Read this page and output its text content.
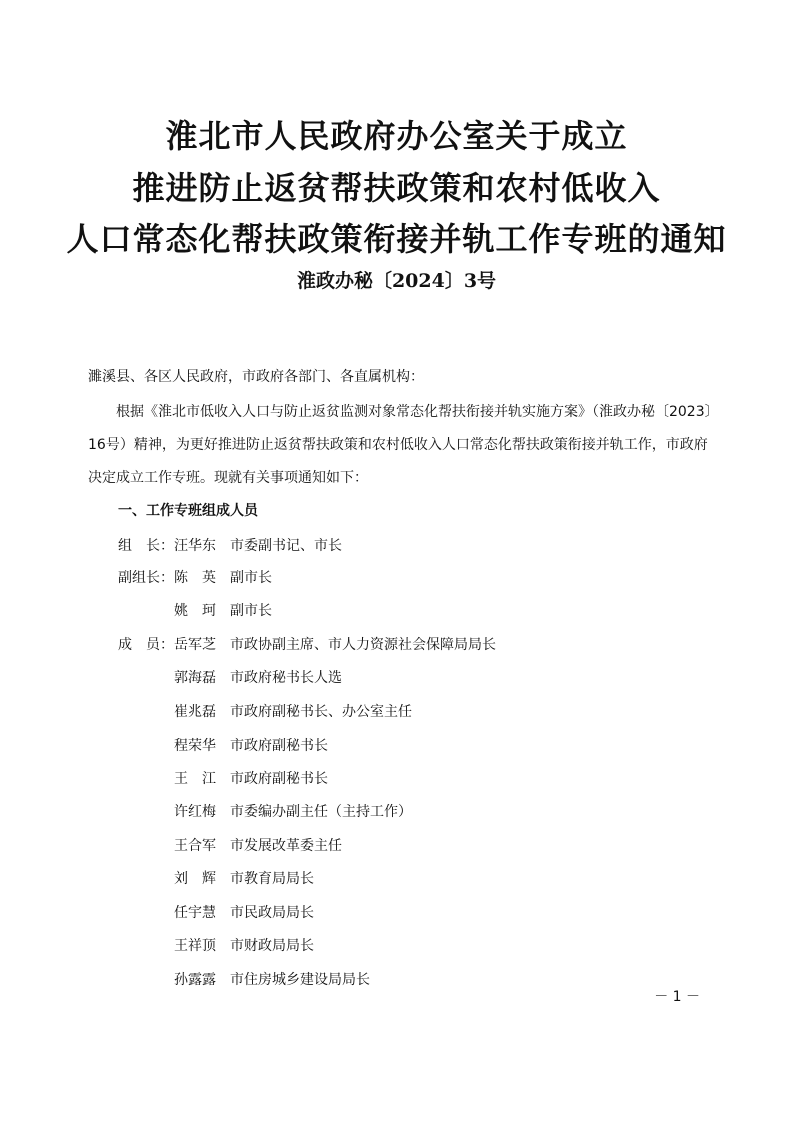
淮北市人民政府办公室关于成立
推进防止返贫帮扶政策和农村低收入
人口常态化帮扶政策衔接并轨工作专班的通知

淮政办秘〔2024〕3号

濉溪县、各区人民政府，市政府各部门、各直属机构：

根据《淮北市低收入人口与防止返贫监测对象常态化帮扶衔接并轨实施方案》（淮政办秘〔2023〕
16号）精神，为更好推进防止返贫帮扶政策和农村低收入人口常态化帮扶政策衔接并轨工作，市政府
决定成立工作专班。现就有关事项通知如下：

一、工作专班组成人员

组　长：汪华东 市委副书记、市长
副组长：陈　英 副市长
姚　珂 副市长
成　员：岳军芝 市政协副主席、市人力资源社会保障局局长
郭海磊 市政府秘书长人选
崔兆磊 市政府副秘书长、办公室主任
程荣华 市政府副秘书长
王　江 市政府副秘书长
许红梅 市委编办副主任（主持工作）
王合军 市发展改革委主任
刘　辉 市教育局局长
任宇慧 市民政局局长
王祥顶 市财政局局长
孙露露 市住房城乡建设局局长
－ 1 －
